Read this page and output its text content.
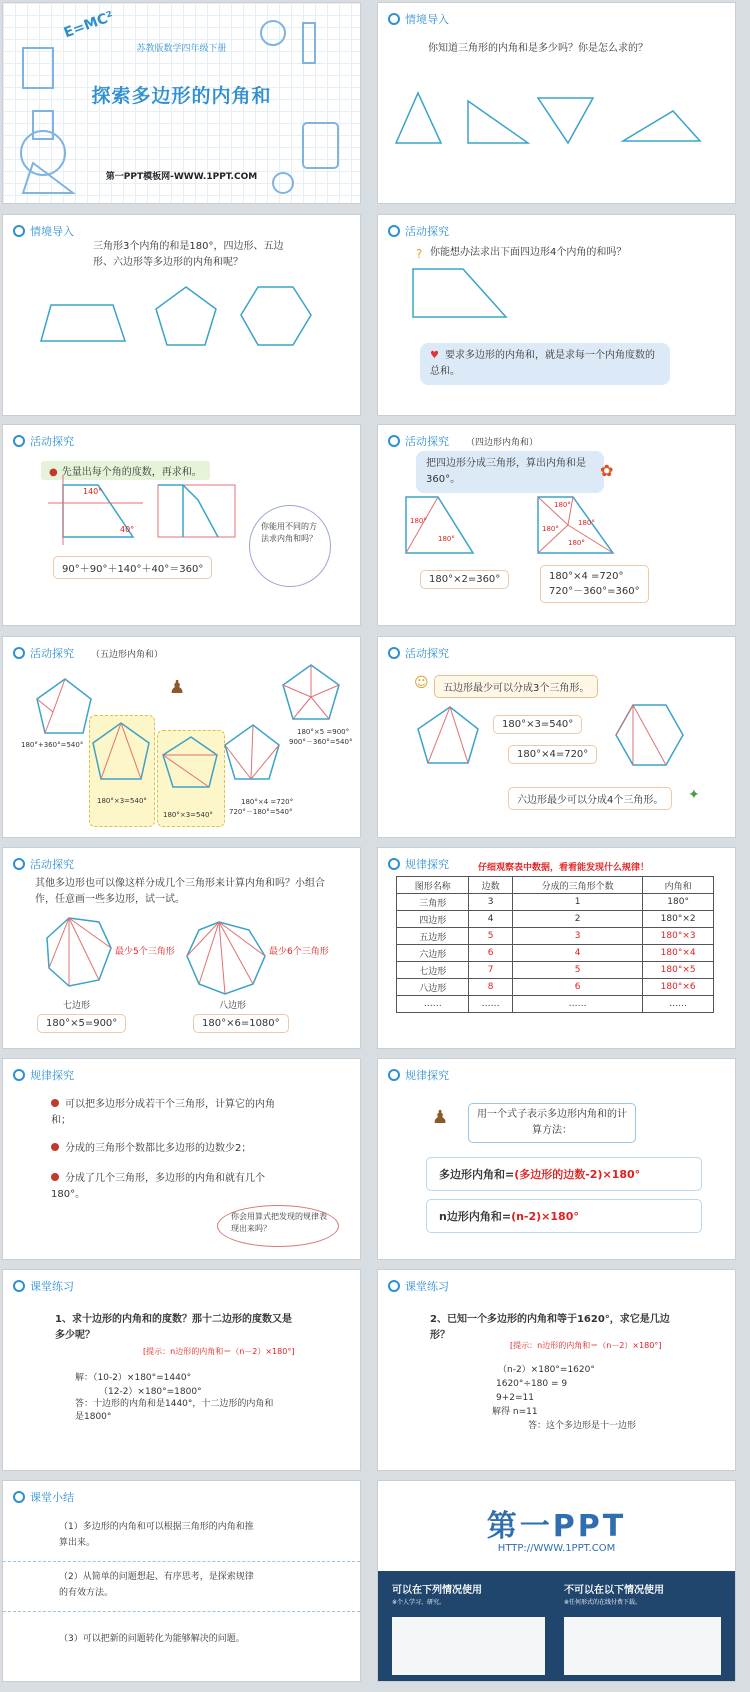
E=MC²
苏教版数学四年级下册
探索多边形的内角和
第一PPT模板网-WWW.1PPT.COM
情境导入
你知道三角形的内角和是多少吗？你是怎么求的？
情境导入
三角形3个内角的和是180°，四边形、五边形、六边形等多边形的内角和呢？
活动探究
? 你能想办法求出下面四边形4个内角的和吗？
♥ 要求多边形的内角和，就是求每一个内角度数的总和。
活动探究
● 先量出每个角的度数，再求和。
140°
40°
90°＋90°＋140°＋40°＝360°
你能用不同的方法求内角和吗？
活动探究 （四边形内角和）
把四边形分成三角形，算出内角和是360°。	✿
180°
180°
180°
180°
180°
180°
180°×2=360°	180°×4 =720°
720°－360°=360°
活动探究 （五边形内角和）
♟
180°+360°=540°
180°×3=540°
180°×3=540°
180°×4 =720°
720°－180°=540°
180°×5 =900°
900°－360°=540°
活动探究
☺	五边形最少可以分成3个三角形。
180°×3=540°
180°×4=720°
六边形最少可以分成4个三角形。	✦
活动探究
其他多边形也可以像这样分成几个三角形来计算内角和吗？小组合作，任意画一些多边形，试一试。
最少5个三角形	最少6个三角形
七边形	八边形
180°×5=900°	180°×6=1080°
规律探究	仔细观察表中数据，看看能发现什么规律！
图形名称	边数	分成的三角形个数	内角和
三角形	3	1	180°
四边形	4	2	180°×2
五边形	5	3	180°×3
六边形	6	4	180°×4
七边形	7	5	180°×5
八边形	8	6	180°×6
……	……	……	……
规律探究
可以把多边形分成若干个三角形，计算它的内角和；
分成的三角形个数都比多边形的边数少2；
分成了几个三角形，多边形的内角和就有几个180°。
你会用算式把发现的规律表现出来吗？
规律探究
♟	用一个式子表示多边形内角和的计算方法：
多边形内角和=(多边形的边数-2)×180°
n边形内角和=(n-2)×180°
课堂练习
1、求十边形的内角和的度数？那十二边形的度数又是多少呢？
[提示：n边形的内角和＝（n－2）×180°]
解：（10-2）×180°=1440°
（12-2）×180°=1800°
答：十边形的内角和是1440°，十二边形的内角和是1800°
课堂练习
2、已知一个多边形的内角和等于1620°，求它是几边形？
[提示：n边形的内角和＝（n－2）×180°]
（n-2）×180°=1620°
1620°÷180 = 9
9+2=11
解得 n=11
答：这个多边形是十一边形
课堂小结
（1）多边形的内角和可以根据三角形的内角和推算出来。
（2）从简单的问题想起、有序思考，是探索规律的有效方法。
（3）可以把新的问题转化为能够解决的问题。
第一PPT
HTTP://WWW.1PPT.COM
可以在下列情况使用
※个人学习、研究。
不可以在以下情况使用
※任何形式的在线付费下载。
